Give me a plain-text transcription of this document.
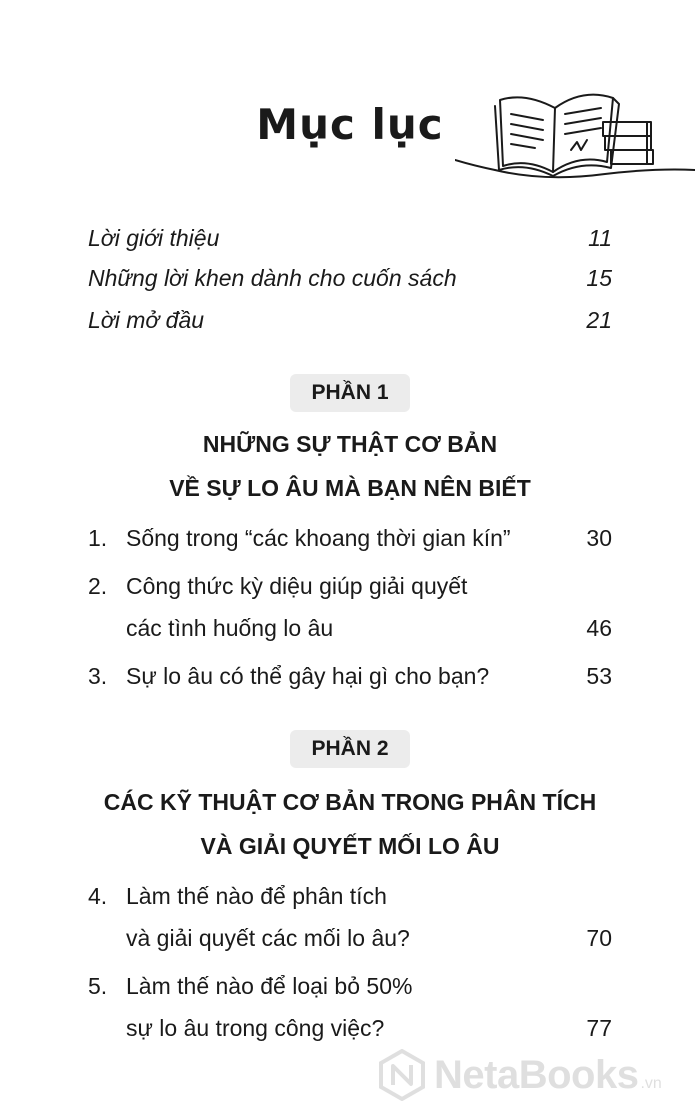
Mục lục
Lời giới thiệu	11
Những lời khen dành cho cuốn sách	15
Lời mở đầu	21
PHẦN 1
NHỮNG SỰ THẬT CƠ BẢN
VỀ SỰ LO ÂU MÀ BẠN NÊN BIẾT
1. Sống trong “các khoang thời gian kín”	30
2. Công thức kỳ diệu giúp giải quyết
các tình huống lo âu	46
3. Sự lo âu có thể gây hại gì cho bạn?	53
PHẦN 2
CÁC KỸ THUẬT CƠ BẢN TRONG PHÂN TÍCH
VÀ GIẢI QUYẾT MỐI LO ÂU
4. Làm thế nào để phân tích
và giải quyết các mối lo âu?	70
5. Làm thế nào để loại bỏ 50%
sự lo âu trong công việc?	77
NetaBooks .vn
